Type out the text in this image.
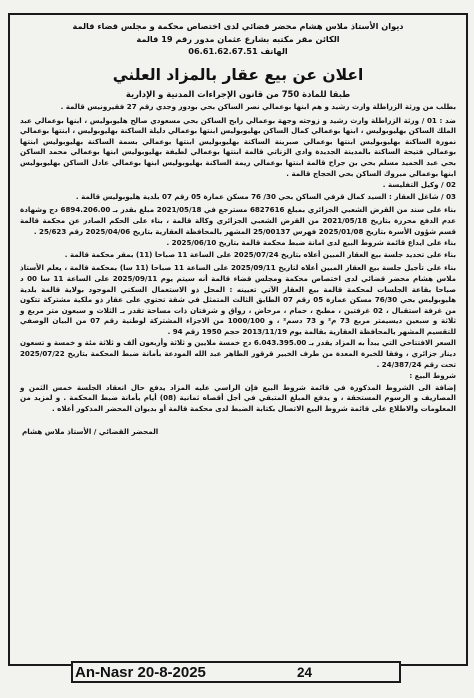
ديوان الأستاذ ملاس هشام محضر قضائي لدى اختصاص محكمة و مجلس قضاء قالمة
الكائن مقر مكتبه بشارع عثمان مدور رقم 19 قالمة
الهاتف 06.61.62.67.51
اعلان عن بيع عقار بالمزاد العلني
طبقا للمادة 750 من قانون الإجراءات المدنية و الإدارية
بطلب من ورثة الزراطلة وارث رشيد و هم ابنها بوعمالي نصر الساكن بحي بودور وجدي رقم 27 فقيرونيس قالمة .
ضد : 01 / ورثة الزراطلة وارث رشيد و زوجته وجهة بوعمالي رابح الساكن بحي مسعودي صالح هليوبوليس ، ابنها بوعمالي عبد الملك الساكن بهليوبوليس ، ابنها بوعمالي كمال الساكن بهليوبوليس ابنتها بوعمالي دليلة الساكنة بهليوبوليس ، ابنتها بوعمالي نمورة الساكنة بهليوبوليس ابنتها بوعمالي صبرينة الساكنة بهليوبوليس ابنتها بوعمالي بسمة الساكنة بهليوبوليس ابنتها بوعمالي فتيحة الساكنة بالمدينة الجديدة وادي الزناتي قالمة ابنتها بوعمالي لطيفة بهليوبوليس ابنها بوعمالي محمد الساكن بحي عبد الحميد مسلم بحي بن جراح قالمة ابنتها بوعمالي ريمة الساكنة بهليوبوليس ابنها بوعمالي عادل الساكن بهليوبوليس ابنها بوعمالي مبروك الساكن بحي الحجاج قالمة .
02 / وكيل التفليسة .
03 / شاغل العقار : السيد كمال قرفي الساكن بحي 30/ 76 مسكن عمارة 05 رقم 07 بلدية هليوبوليس قالمة .
بناء على سند من القرض الشعبي الجزائري بمبلغ 6827616 مسترجع في 2021/05/18 مبلغ بقدر بـ 6894.206.00 دج وشهادة عدم الدفع محررة بتاريخ 2021/05/18 من القرض الشعبي الجزائري وكالة قالمة ، بناء على الحكم الصادر عن محكمة قالمة قسم شؤون الأسرة بتاريخ 2025/01/08 فهرس 25/00137 المشهر بالمحافظة العقارية بتاريخ 2025/04/06 رقم 25/623 .
بناء على ايداع قائمة شروط البيع لدى امانة ضبط محكمة قالمة بتاريخ 2025/06/10 .
بناء على تحديد جلسة بيع العقار المبين أعلاه بتاريخ 2025/07/24 على الساعة 11 صباحا (11) بمقر محكمة قالمة .
بناء على تأجيل جلسة بيع العقار المبين أعلاه لتاريخ 2025/09/11 على الساعة 11 صباحا (11 سا) بمحكمة قالمة ، يعلم الأستاذ ملاس هشام محضر قضائي لدى اختصاص محكمة ومجلس قضاء قالمة أنه سيتم يوم 2025/09/11 على الساعة 11 سا 00 د صباحا بقاعة الجلسات لمحكمة قالمة بيع العقار الآتي تعيينه : المحل ذو الاستعمال السكني الموجود بولاية قالمة بلدية هليوبوليس بحي 76/30 مسكن عمارة 05 رقم 07 الطابق الثالث المتمثل في شقة تحتوي على عقار ذو ملكية مشتركة تتكون من غرفة استقبال ، 02 غرفتين ، مطبخ ، حمام ، مرحاض ، رواق و شرفتان ذات مساحة تقدر بـ الثلاث و سبعون متر مربع و ثلاثة و سبعين ديسيمتر مربع 73 م² و 73 دسم² ، و 1000/100 من الاجزاء المشتركة لوطنية رقم 07 من البيان الوصفي للتقسيم المشهر بالمحافظة العقارية بقالمة يوم 2013/11/19 حجم 1950 رقم 94 .
السعر الافتتاحي التي يبدأ به المزاد يقدر بـ 6.043.395.00 دج خمسة ملايين و ثلاثة وأربعون ألف و ثلاثة مئة و خمسة و تسعون دينار جزائري ، وفقا للخبرة المعدة من طرف الخبير قرقور الطاهر عبد الله المودعة بأمانة ضبط المحكمة بتاريخ 2025/07/22 تحت رقم 24/387/24 .
شروط البيع :
إضافة الى الشروط المذكورة في قائمة شروط البيع فإن الراسي عليه المزاد يدفع حال انعقاد الجلسة خمس الثمن و المصاريف و الرسوم المستحقة ، و يدفع المبلغ المتبقي في أجل أقصاه ثمانية (08) أيام بأمانة ضبط المحكمة . و لمزيد من المعلومات والاطلاع على قائمة شروط البيع الاتصال بكتابة الضبط لدى محكمة قالمة أو بديوان المحضر المذكور أعلاه .
المحضر القضائي / الأستاذ ملاس هشام
An-Nasr 20-8-2025	24
